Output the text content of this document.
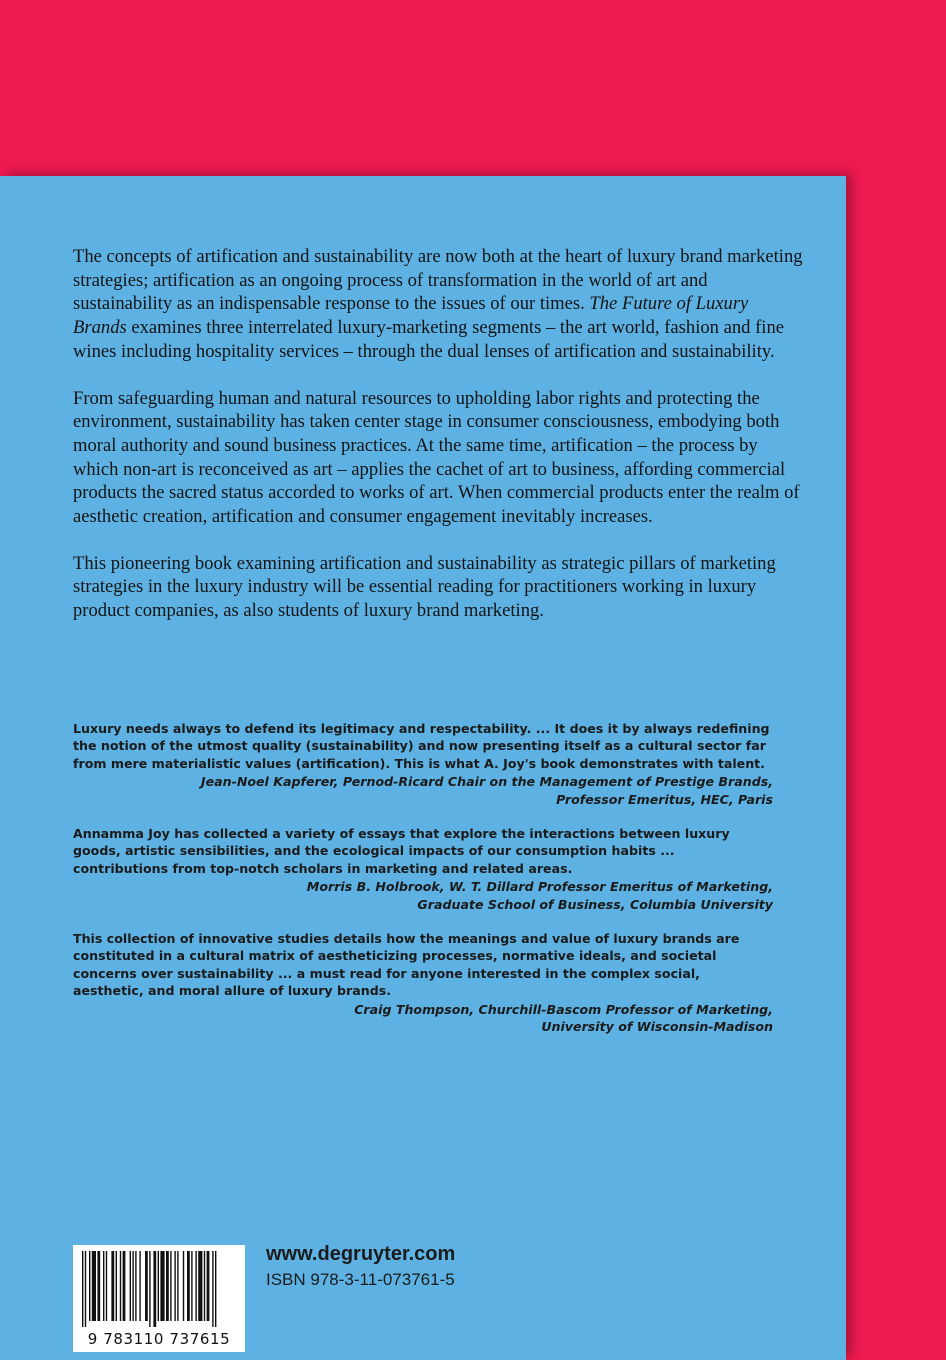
The concepts of artification and sustainability are now both at the heart of luxury brand marketing strategies; artification as an ongoing process of transformation in the world of art and sustainability as an indispensable response to the issues of our times. The Future of Luxury Brands examines three interrelated luxury-marketing segments – the art world, fashion and fine wines including hospitality services – through the dual lenses of artification and sustainability.

From safeguarding human and natural resources to upholding labor rights and protecting the environment, sustainability has taken center stage in consumer consciousness, embodying both moral authority and sound business practices. At the same time, artification – the process by which non-art is reconceived as art – applies the cachet of art to business, affording commercial products the sacred status accorded to works of art. When commercial products enter the realm of aesthetic creation, artification and consumer engagement inevitably increases.

This pioneering book examining artification and sustainability as strategic pillars of marketing strategies in the luxury industry will be essential reading for practitioners working in luxury product companies, as also students of luxury brand marketing.

Luxury needs always to defend its legitimacy and respectability. ... It does it by always redefining the notion of the utmost quality (sustainability) and now presenting itself as a cultural sector far from mere materialistic values (artification). This is what A. Joy's book demonstrates with talent.
Jean-Noel Kapferer, Pernod-Ricard Chair on the Management of Prestige Brands,
Professor Emeritus, HEC, Paris
Annamma Joy has collected a variety of essays that explore the interactions between luxury goods, artistic sensibilities, and the ecological impacts of our consumption habits ... contributions from top-notch scholars in marketing and related areas.
Morris B. Holbrook, W. T. Dillard Professor Emeritus of Marketing,
Graduate School of Business, Columbia University
This collection of innovative studies details how the meanings and value of luxury brands are constituted in a cultural matrix of aestheticizing processes, normative ideals, and societal concerns over sustainability ... a must read for anyone interested in the complex social, aesthetic, and moral allure of luxury brands.
Craig Thompson, Churchill-Bascom Professor of Marketing,
University of Wisconsin-Madison
9 783110 737615
www.degruyter.com
ISBN 978-3-11-073761-5
